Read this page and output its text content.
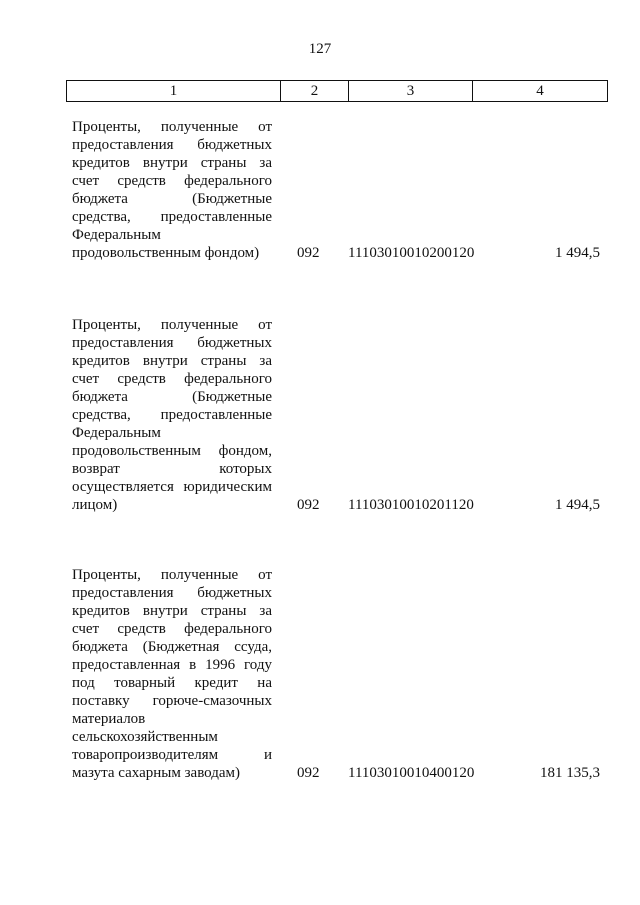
127
1	2	3	4
Проценты, полученные от
предоставления бюджетных
кредитов внутри страны за
счет средств федерального
бюджета (Бюджетные
средства, предоставленные
Федеральным
продовольственным фондом)	092	11103010010200120	1 494,5
Проценты, полученные от
предоставления бюджетных
кредитов внутри страны за
счет средств федерального
бюджета (Бюджетные
средства, предоставленные
Федеральным
продовольственным фондом,
возврат которых
осуществляется юридическим
лицом)	092	11103010010201120	1 494,5
Проценты, полученные от
предоставления бюджетных
кредитов внутри страны за
счет средств федерального
бюджета (Бюджетная ссуда,
предоставленная в 1996 году
под товарный кредит на
поставку горюче-смазочных
материалов
сельскохозяйственным
товаропроизводителям и
мазута сахарным заводам)	092	11103010010400120	181 135,3
